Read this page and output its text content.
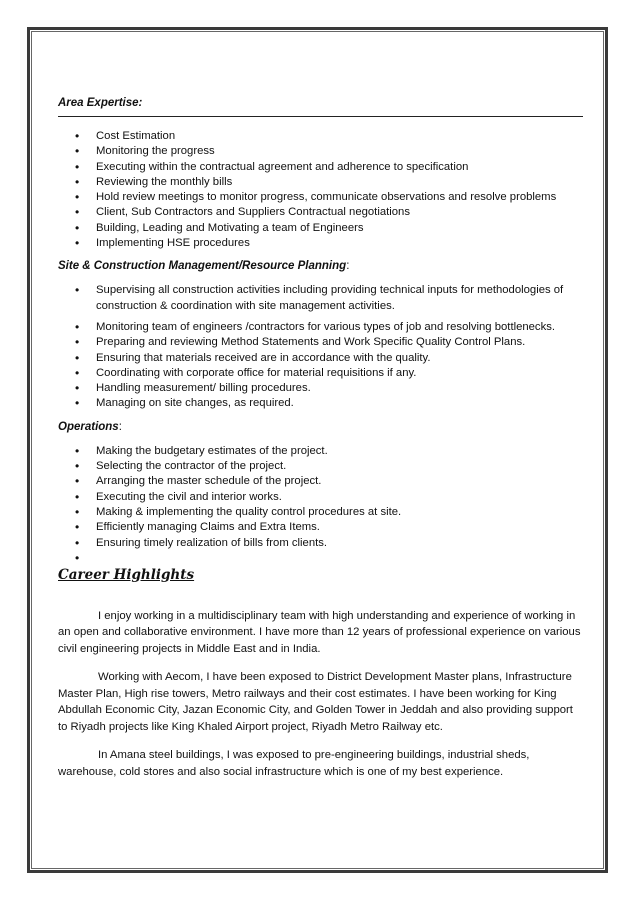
Area Expertise:

• Cost Estimation
• Monitoring the progress
• Executing within the contractual agreement and adherence to specification
• Reviewing the monthly bills
• Hold review meetings to monitor progress, communicate observations and resolve problems
• Client, Sub Contractors and Suppliers Contractual negotiations
• Building, Leading and Motivating a team of Engineers
• Implementing HSE procedures

Site & Construction Management/Resource Planning:

• Supervising all construction activities including providing technical inputs for methodologies of construction & coordination with site management activities.
• Monitoring team of engineers /contractors for various types of job and resolving bottlenecks.
• Preparing and reviewing Method Statements and Work Specific Quality Control Plans.
• Ensuring that materials received are in accordance with the quality.
• Coordinating with corporate office for material requisitions if any.
• Handling measurement/ billing procedures.
• Managing on site changes, as required.

Operations:

• Making the budgetary estimates of the project.
• Selecting the contractor of the project.
• Arranging the master schedule of the project.
• Executing the civil and interior works.
• Making & implementing the quality control procedures at site.
• Efficiently managing Claims and Extra Items.
• Ensuring timely realization of bills from clients.
•

Career Highlights

I enjoy working in a multidisciplinary team with high understanding and experience of working in an open and collaborative environment. I have more than 12 years of professional experience on various civil engineering projects in Middle East and in India.

Working with Aecom, I have been exposed to District Development Master plans, Infrastructure Master Plan, High rise towers, Metro railways and their cost estimates. I have been working for King Abdullah Economic City, Jazan Economic City, and Golden Tower in Jeddah and also providing support to Riyadh projects like King Khaled Airport project, Riyadh Metro Railway etc.

In Amana steel buildings, I was exposed to pre-engineering buildings, industrial sheds, warehouse, cold stores and also social infrastructure which is one of my best experience.
